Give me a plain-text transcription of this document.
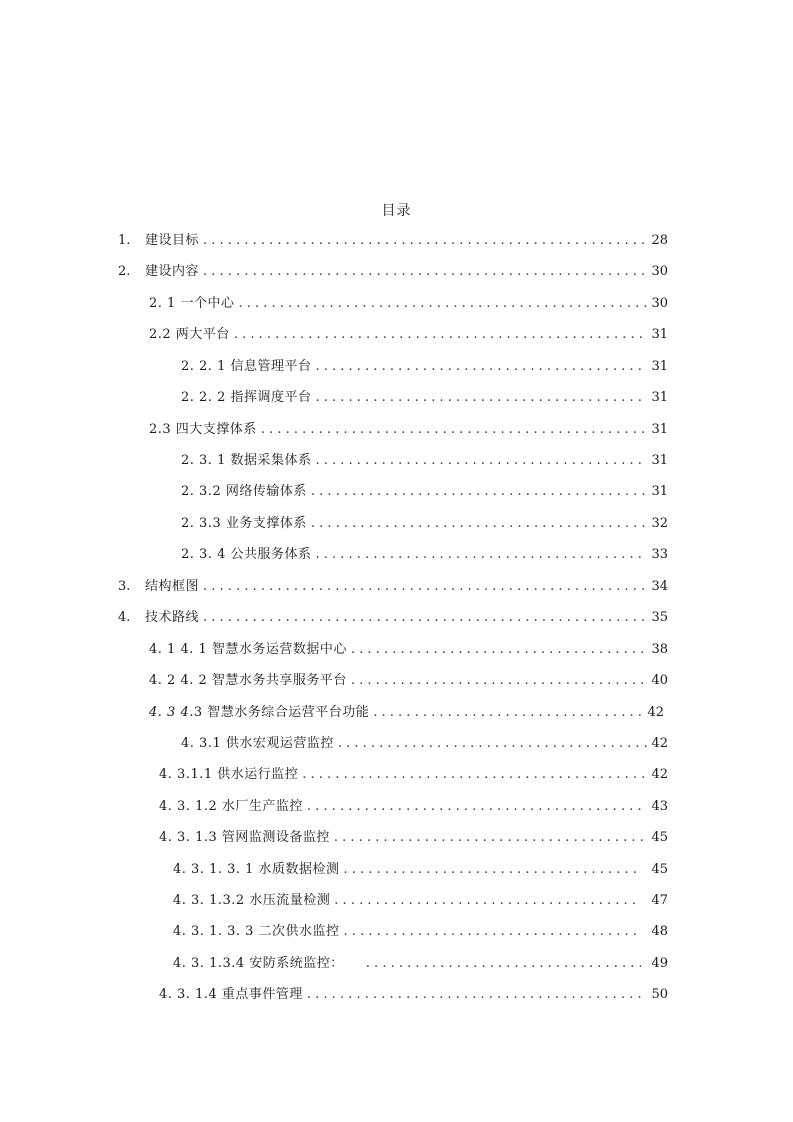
目录
1.	建设目标 . . .	28
2.	建设内容 . . .	30
2. 1 一个中心 . . .	30
2.2 两大平台 . . .	31
2. 2. 1 信息管理平台 . . .	31
2. 2. 2 指挥调度平台 . . .	31
2.3 四大支撑体系 . . .	31
2. 3. 1 数据采集体系 . . .	31
2. 3.2 网络传输体系 . . .	31
2. 3.3 业务支撑体系 . . .	32
2. 3. 4 公共服务体系 . . .	33
3.	结构框图 . . .	34
4.	技术路线 . . .	35
4. 1 4. 1 智慧水务运营数据中心 . . .	38
4. 2 4. 2 智慧水务共享服务平台 . . .	40
4. 3 4. 3 智慧水务综合运营平台功能 . . .	42
4. 3.1 供水宏观运营监控 . . .	42
4. 3.1.1 供水运行监控 . . .	42
4. 3. 1.2 水厂生产监控 . . .	43
4. 3. 1.3 管网监测设备监控 . . .	45
4. 3. 1. 3. 1 水质数据检测 . . .	45
4. 3. 1.3.2 水压流量检测 . . .	47
4. 3. 1. 3. 3 二次供水监控 . . .	48
4. 3. 1.3.4 安防系统监控： . . .	49
4. 3. 1.4 重点事件管理 . . .	50
